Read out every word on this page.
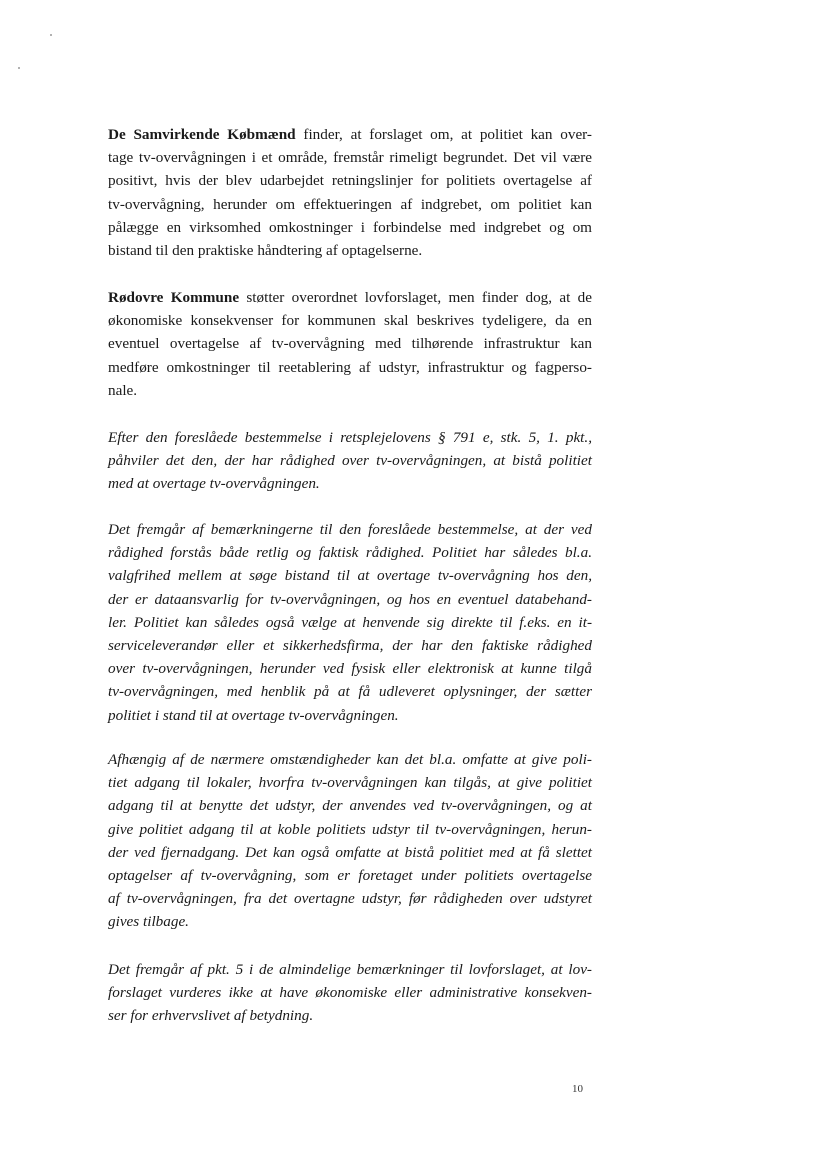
De Samvirkende Købmænd finder, at forslaget om, at politiet kan over-
tage tv-overvågningen i et område, fremstår rimeligt begrundet. Det vil være
positivt, hvis der blev udarbejdet retningslinjer for politiets overtagelse af
tv-overvågning, herunder om effektueringen af indgrebet, om politiet kan
pålægge en virksomhed omkostninger i forbindelse med indgrebet og om
bistand til den praktiske håndtering af optagelserne.

Rødovre Kommune støtter overordnet lovforslaget, men finder dog, at de
økonomiske konsekvenser for kommunen skal beskrives tydeligere, da en
eventuel overtagelse af tv-overvågning med tilhørende infrastruktur kan
medføre omkostninger til reetablering af udstyr, infrastruktur og fagperso-
nale.

Efter den foreslåede bestemmelse i retsplejelovens § 791 e, stk. 5, 1. pkt.,
påhviler det den, der har rådighed over tv-overvågningen, at bistå politiet
med at overtage tv-overvågningen.

Det fremgår af bemærkningerne til den foreslåede bestemmelse, at der ved
rådighed forstås både retlig og faktisk rådighed. Politiet har således bl.a.
valgfrihed mellem at søge bistand til at overtage tv-overvågning hos den,
der er dataansvarlig for tv-overvågningen, og hos en eventuel databehand-
ler. Politiet kan således også vælge at henvende sig direkte til f.eks. en it-
serviceleverandør eller et sikkerhedsfirma, der har den faktiske rådighed
over tv-overvågningen, herunder ved fysisk eller elektronisk at kunne tilgå
tv-overvågningen, med henblik på at få udleveret oplysninger, der sætter
politiet i stand til at overtage tv-overvågningen.

Afhængig af de nærmere omstændigheder kan det bl.a. omfatte at give poli-
tiet adgang til lokaler, hvorfra tv-overvågningen kan tilgås, at give politiet
adgang til at benytte det udstyr, der anvendes ved tv-overvågningen, og at
give politiet adgang til at koble politiets udstyr til tv-overvågningen, herun-
der ved fjernadgang. Det kan også omfatte at bistå politiet med at få slettet
optagelser af tv-overvågning, som er foretaget under politiets overtagelse
af tv-overvågningen, fra det overtagne udstyr, før rådigheden over udstyret
gives tilbage.

Det fremgår af pkt. 5 i de almindelige bemærkninger til lovforslaget, at lov-
forslaget vurderes ikke at have økonomiske eller administrative konsekven-
ser for erhvervslivet af betydning.

10
